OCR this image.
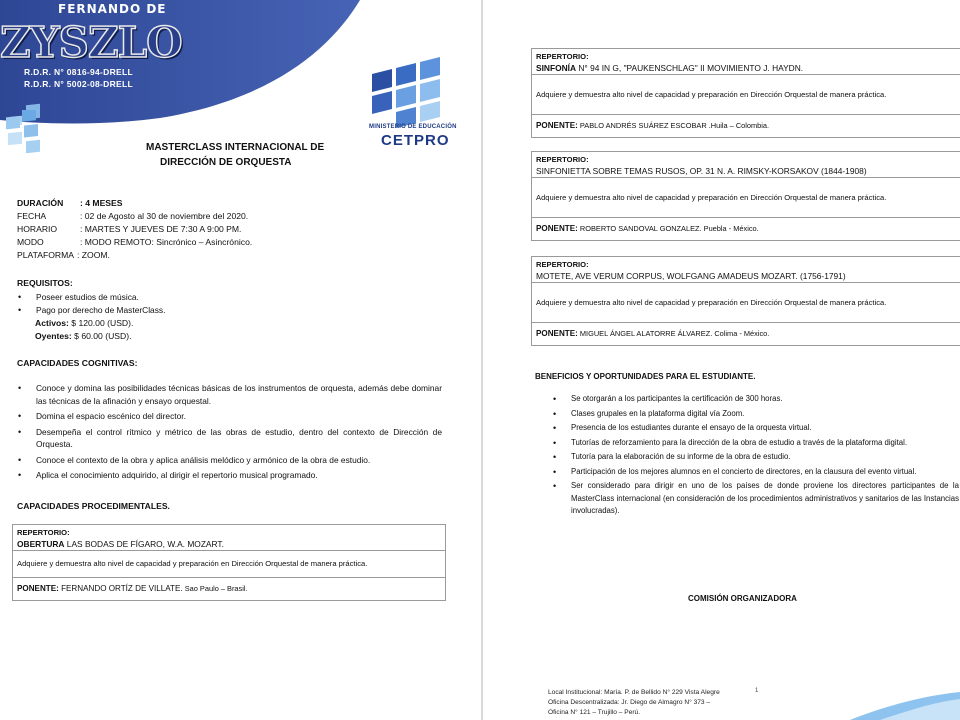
FERNANDO DE
ZYSZLO
R.D.R. N° 0816-94-DRELL
R.D.R. N° 5002-08-DRELL
MINISTERIO DE EDUCACIÓN
CETPRO
MASTERCLASS INTERNACIONAL DE
DIRECCIÓN DE ORQUESTA
DURACIÓN : 4 MESES
FECHA	: 02 de Agosto al 30 de noviembre del 2020.
HORARIO	: MARTES Y JUEVES DE 7:30 A 9:00 PM.
MODO	: MODO REMOTO: Sincrónico – Asincrónico.
PLATAFORMA : ZOOM.
REQUISITOS:
• Poseer estudios de música.
• Pago por derecho de MasterClass.
Activos: $ 120.00 (USD).
Oyentes: $ 60.00 (USD).
CAPACIDADES COGNITIVAS:
• Conoce y domina las posibilidades técnicas básicas de los instrumentos de orquesta, además debe dominar las técnicas de la afinación y ensayo orquestal.
• Domina el espacio escénico del director.
• Desempeña el control rítmico y métrico de las obras de estudio, dentro del contexto de Dirección de Orquesta.
• Conoce el contexto de la obra y aplica análisis melódico y armónico de la obra de estudio.
• Aplica el conocimiento adquirido, al dirigir el repertorio musical programado.
CAPACIDADES PROCEDIMENTALES.
REPERTORIO:
OBERTURA LAS BODAS DE FÍGARO, W.A. MOZART.
Adquiere y demuestra alto nivel de capacidad y preparación en Dirección Orquestal de manera práctica.
PONENTE: FERNANDO ORTÍZ DE VILLATE. Sao Paulo – Brasil.
REPERTORIO:
SINFONÍA N° 94 IN G, "PAUKENSCHLAG" II MOVIMIENTO J. HAYDN.
Adquiere y demuestra alto nivel de capacidad y preparación en Dirección Orquestal de manera práctica.
PONENTE: PABLO ANDRÉS SUÁREZ ESCOBAR .Huila – Colombia.
REPERTORIO:
SINFONIETTA SOBRE TEMAS RUSOS, OP. 31 N. A. RIMSKY-KORSAKOV (1844-1908)
Adquiere y demuestra alto nivel de capacidad y preparación en Dirección Orquestal de manera práctica.
PONENTE: ROBERTO SANDOVAL GONZALEZ. Puebla - México.
REPERTORIO:
MOTETE, AVE VERUM CORPUS, WOLFGANG AMADEUS MOZART. (1756-1791)
Adquiere y demuestra alto nivel de capacidad y preparación en Dirección Orquestal de manera práctica.
PONENTE: MIGUEL ÁNGEL ALATORRE ÁLVAREZ. Colima - México.
BENEFICIOS Y OPORTUNIDADES PARA EL ESTUDIANTE.
• Se otorgarán a los participantes la certificación de 300 horas.
• Clases grupales en la plataforma digital vía Zoom.
• Presencia de los estudiantes durante el ensayo de la orquesta virtual.
• Tutorías de reforzamiento para la dirección de la obra de estudio a través de la plataforma digital.
• Tutoría para la elaboración de su informe de la obra de estudio.
• Participación de los mejores alumnos en el concierto de directores, en la clausura del evento virtual.
• Ser considerado para dirigir en uno de los países de donde proviene los directores participantes de la MasterClass internacional (en consideración de los procedimientos administrativos y sanitarios de las Instancias involucradas).
COMISIÓN ORGANIZADORA
Local Institucional: María. P. de Bellido N° 229 Vista Alegre
Oficina Descentralizada: Jr. Diego de Almagro N° 373 –
Oficina N° 121 – Trujillo – Perú.
1
